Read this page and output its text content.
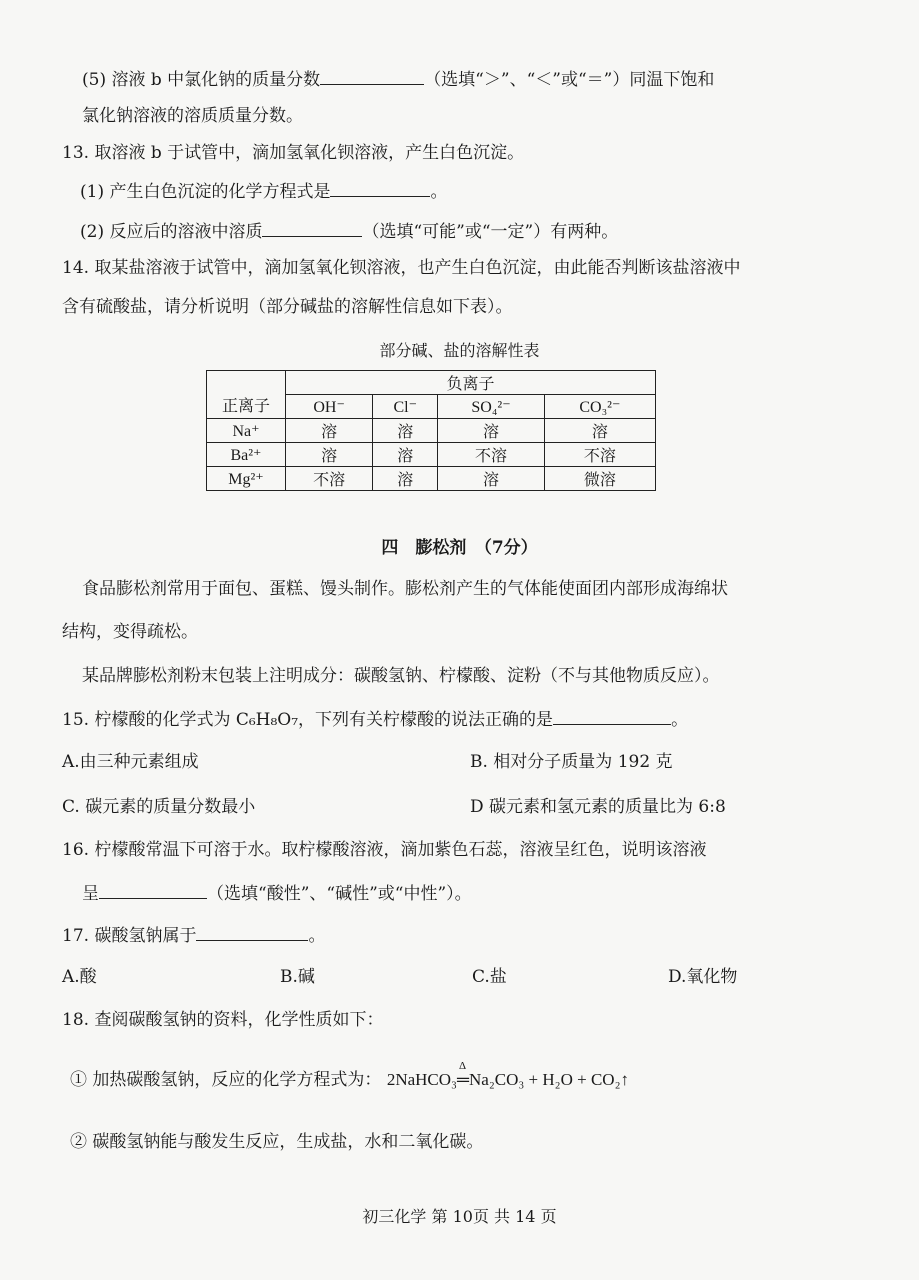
(5) 溶液 b 中氯化钠的质量分数	（选填“＞”、“＜”或“＝”）同温下饱和
氯化钠溶液的溶质质量分数。
13. 取溶液 b 于试管中，滴加氢氧化钡溶液，产生白色沉淀。
(1) 产生白色沉淀的化学方程式是	。
(2) 反应后的溶液中溶质	（选填“可能”或“一定”）有两种。
14. 取某盐溶液于试管中，滴加氢氧化钡溶液，也产生白色沉淀，由此能否判断该盐溶液中
含有硫酸盐，请分析说明（部分碱盐的溶解性信息如下表）。
部分碱、盐的溶解性表
正离子	负离子			
	OH⁻	Cl⁻	SO₄²⁻	CO₃²⁻
Na⁺	溶	溶	溶	溶
Ba²⁺	溶	溶	不溶	不溶
Mg²⁺	不溶	溶	溶	微溶
四　膨松剂　（7分）
食品膨松剂常用于面包、蛋糕、馒头制作。膨松剂产生的气体能使面团内部形成海绵状
结构，变得疏松。
某品牌膨松剂粉末包装上注明成分：碳酸氢钠、柠檬酸、淀粉（不与其他物质反应）。
15. 柠檬酸的化学式为 C₆H₈O₇，下列有关柠檬酸的说法正确的是	。
A.由三种元素组成	B. 相对分子质量为 192 克
C. 碳元素的质量分数最小	D 碳元素和氢元素的质量比为 6:8
16. 柠檬酸常温下可溶于水。取柠檬酸溶液，滴加紫色石蕊，溶液呈红色，说明该溶液
呈	（选填“酸性”、“碱性”或“中性”）。
17. 碳酸氢钠属于	。
A.酸	B.碱	C.盐	D.氧化物
18. 查阅碳酸氢钠的资料，化学性质如下：
① 加热碳酸氢钠，反应的化学方程式为： 2NaHCO₃
Δ
═Na₂CO₃ + H₂O + CO₂↑
② 碳酸氢钠能与酸发生反应，生成盐，水和二氧化碳。
初三化学 第 10页 共 14 页
